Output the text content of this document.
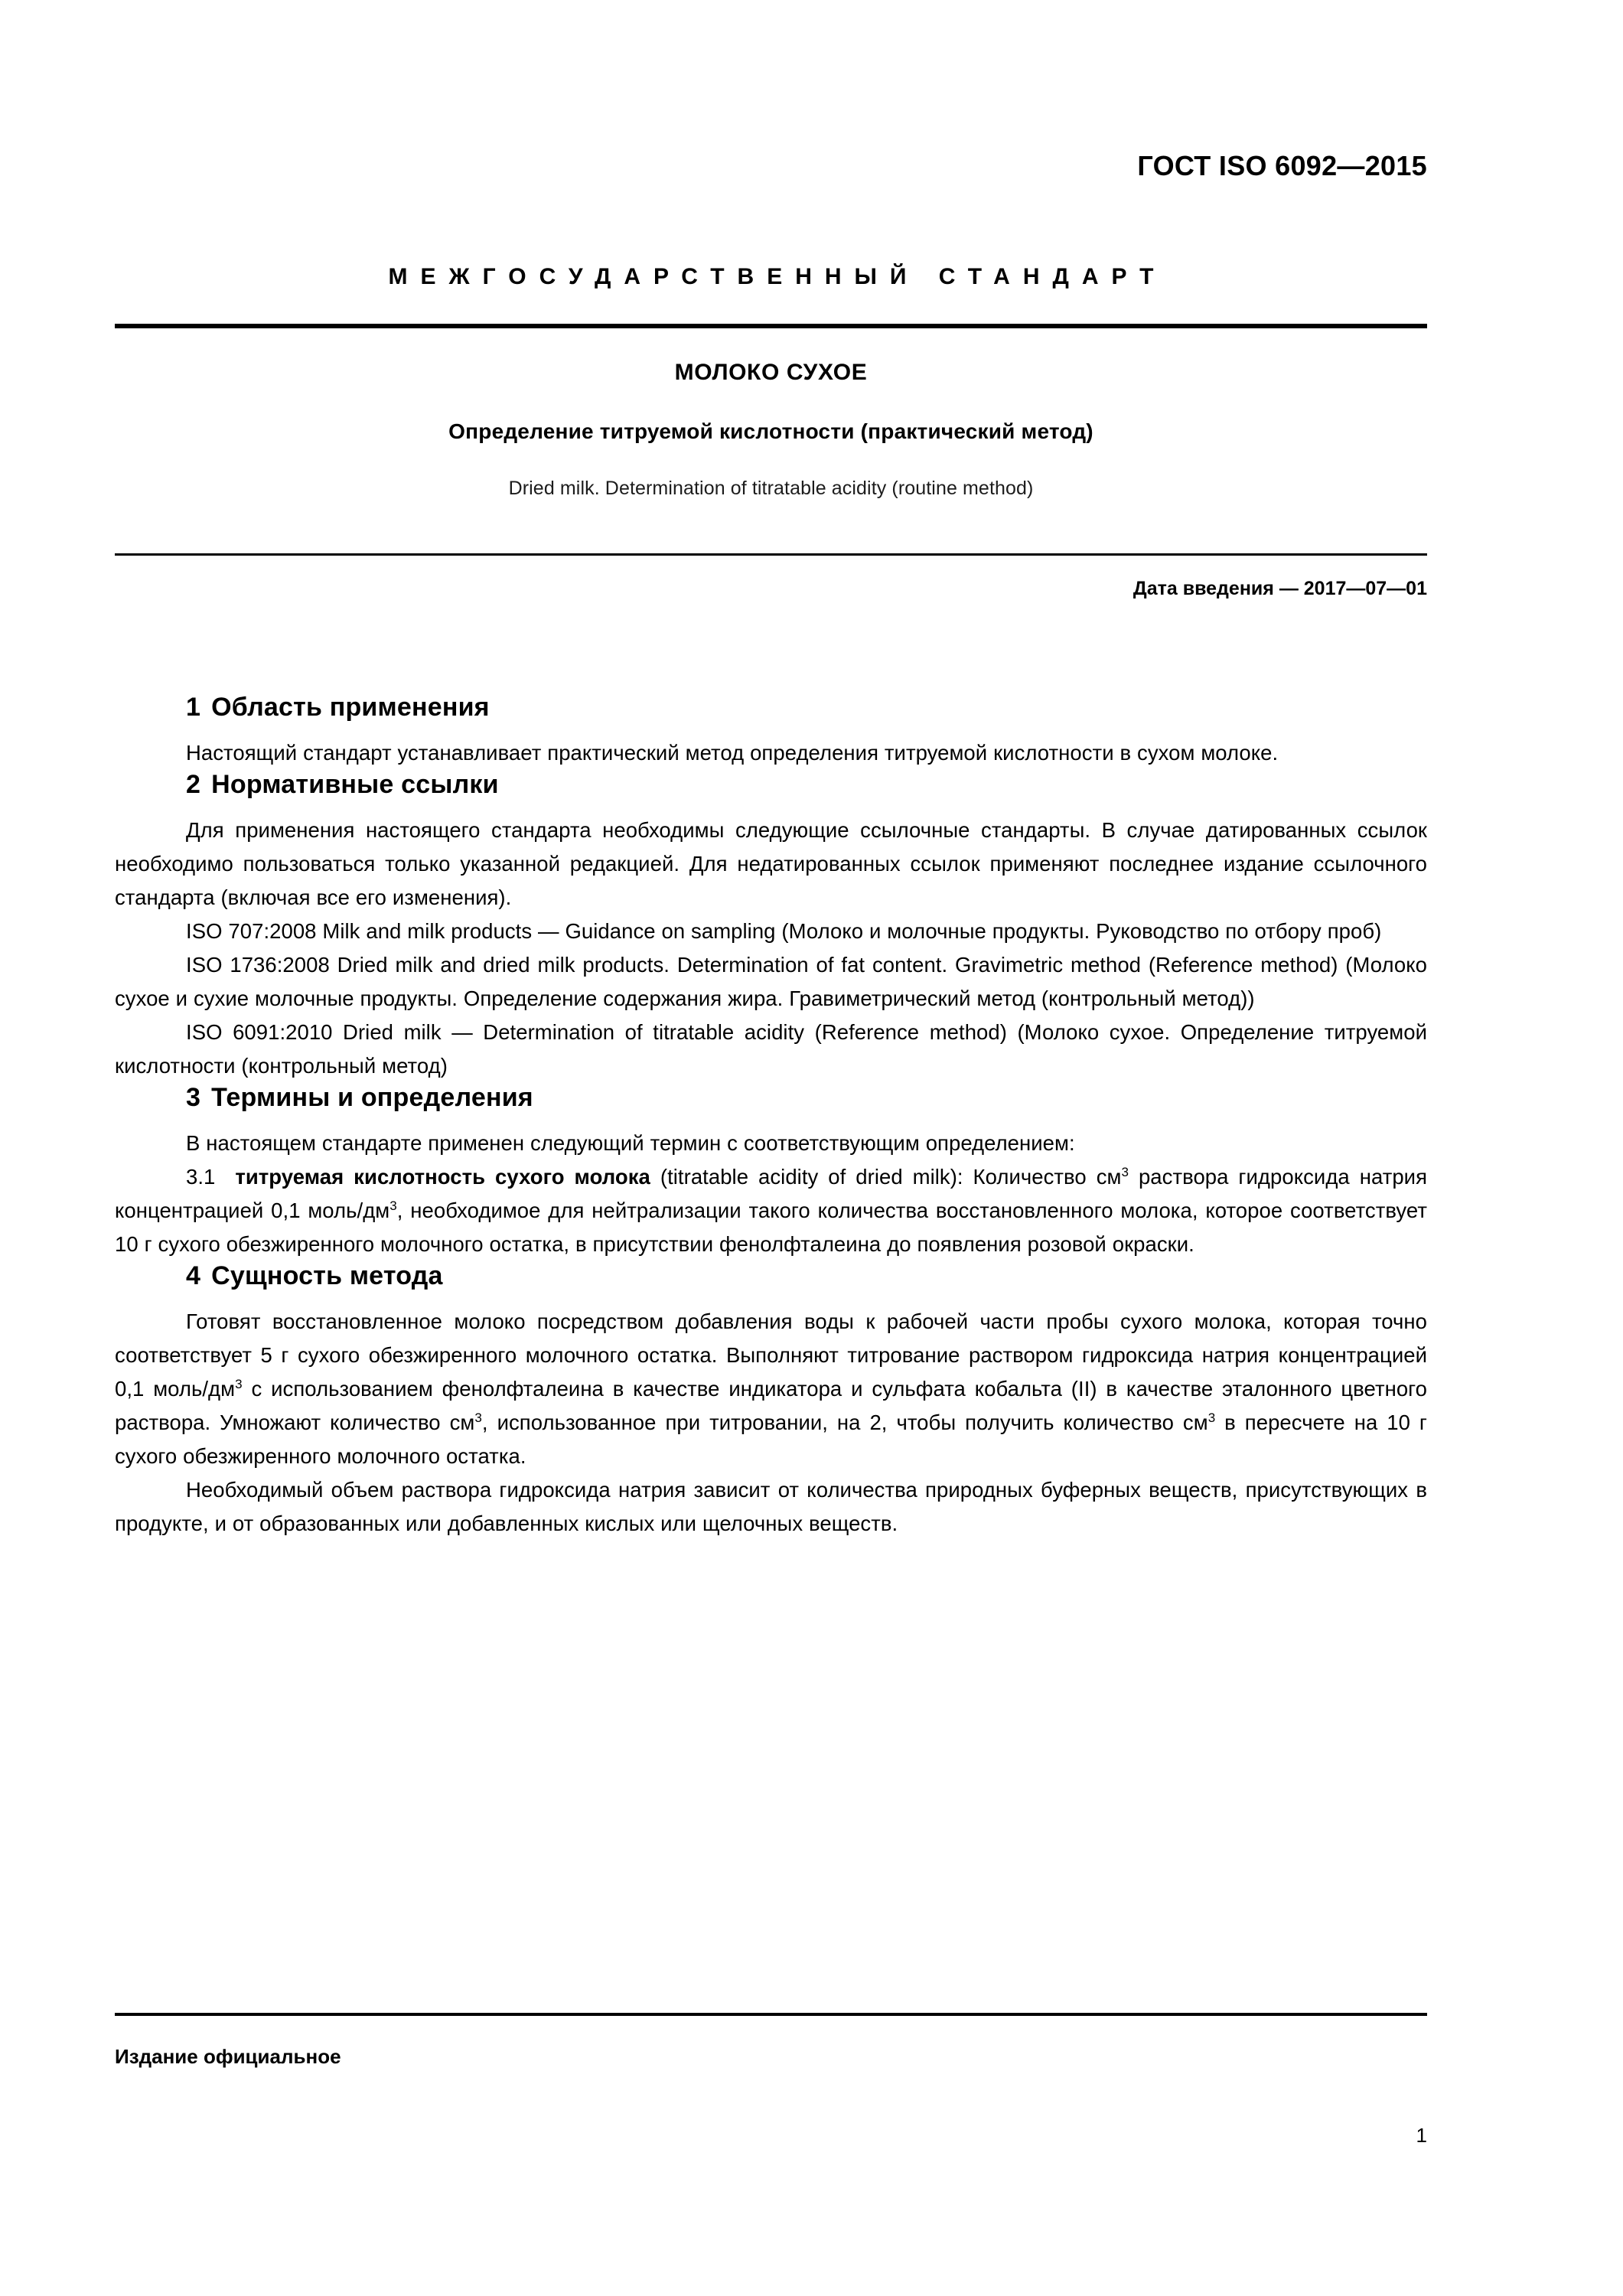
ГОСТ ISO 6092—2015
МЕЖГОСУДАРСТВЕННЫЙ СТАНДАРТ
МОЛОКО СУХОЕ
Определение титруемой кислотности (практический метод)
Dried milk. Determination of titratable acidity (routine method)
Дата введения — 2017—07—01
1 Область применения

Настоящий стандарт устанавливает практический метод определения титруемой кислотности в сухом молоке.

2 Нормативные ссылки

Для применения настоящего стандарта необходимы следующие ссылочные стандарты. В случае датированных ссылок необходимо пользоваться только указанной редакцией. Для недатированных ссылок применяют последнее издание ссылочного стандарта (включая все его изменения).

ISO 707:2008 Milk and milk products — Guidance on sampling (Молоко и молочные продукты. Руководство по отбору проб)

ISO 1736:2008 Dried milk and dried milk products. Determination of fat content. Gravimetric method (Reference method) (Молоко сухое и сухие молочные продукты. Определение содержания жира. Гравиметрический метод (контрольный метод))

ISO 6091:2010 Dried milk — Determination of titratable acidity (Reference method) (Молоко сухое. Определение титруемой кислотности (контрольный метод)

3 Термины и определения

В настоящем стандарте применен следующий термин с соответствующим определением:

3.1 титруемая кислотность сухого молока (titratable acidity of dried milk): Количество $см^3$ раствора гидроксида натрия концентрацией 0,1 моль/$дм^3$, необходимое для нейтрализации такого количества восстановленного молока, которое соответствует 10 г сухого обезжиренного молочного остатка, в присутствии фенолфталеина до появления розовой окраски.

4 Сущность метода

Готовят восстановленное молоко посредством добавления воды к рабочей части пробы сухого молока, которая точно соответствует 5 г сухого обезжиренного молочного остатка. Выполняют титрование раствором гидроксида натрия концентрацией 0,1 моль/$дм^3$ с использованием фенолфталеина в качестве индикатора и сульфата кобальта (II) в качестве эталонного цветного раствора. Умножают количество $см^3$, использованное при титровании, на 2, чтобы получить количество $см^3$ в пересчете на 10 г сухого обезжиренного молочного остатка.

Необходимый объем раствора гидроксида натрия зависит от количества природных буферных веществ, присутствующих в продукте, и от образованных или добавленных кислых или щелочных веществ.

Издание официальное
1
